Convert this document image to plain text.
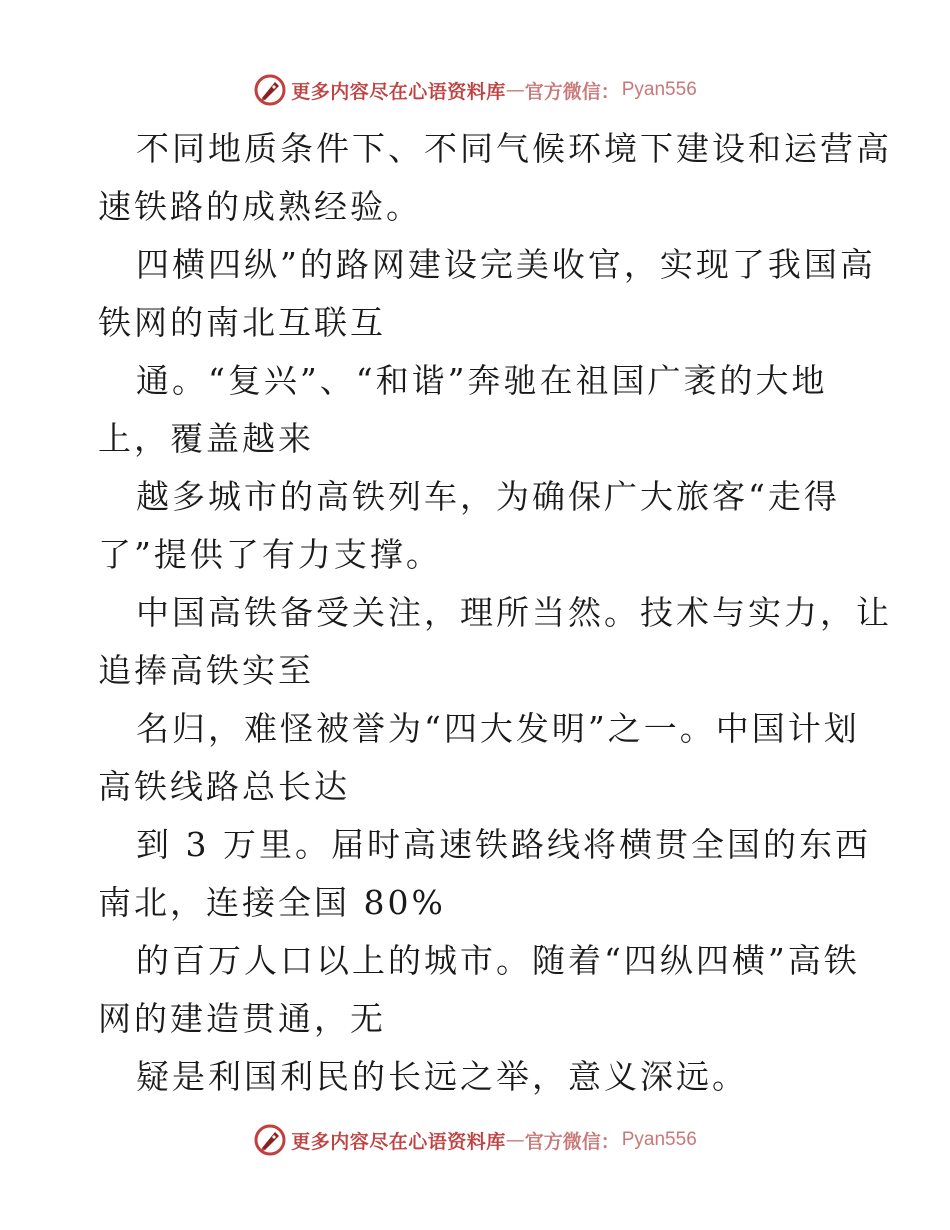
更多内容尽在心语资料库 — 官方微信： Pyan556
不同地质条件下、不同气候环境下建设和运营高
速铁路的成熟经验。
四横四纵”的路网建设完美收官，实现了我国高
铁网的南北互联互
通。“复兴”、“和谐”奔驰在祖国广袤的大地
上，覆盖越来
越多城市的高铁列车，为确保广大旅客“走得
了”提供了有力支撑。
中国高铁备受关注，理所当然。技术与实力，让
追捧高铁实至
名归，难怪被誉为“四大发明”之一。中国计划
高铁线路总长达
到 3 万里。届时高速铁路线将横贯全国的东西
南北，连接全国 80%
的百万人口以上的城市。随着“四纵四横”高铁
网的建造贯通，无
疑是利国利民的长远之举，意义深远。
更多内容尽在心语资料库 — 官方微信： Pyan556
